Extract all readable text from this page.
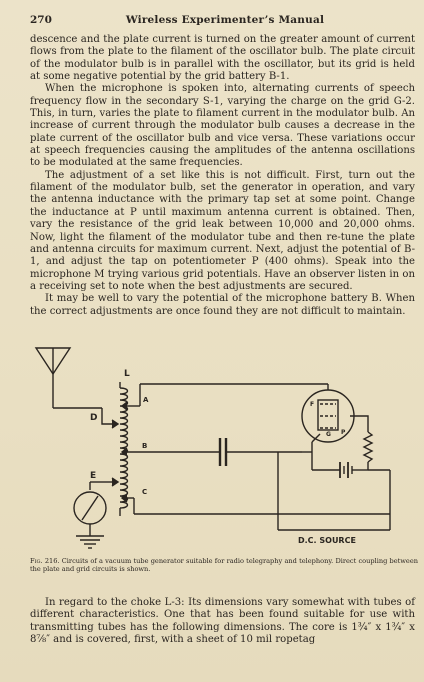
270	Wireless Experimenter’s Manual

descence and the plate current is turned on the greater amount of current flows from the plate to the filament of the oscillator bulb. The plate circuit of the modulator bulb is in parallel with the oscillator, but its grid is held at some negative potential by the grid battery B-1.

When the microphone is spoken into, alternating currents of speech frequency flow in the secondary S-1, varying the charge on the grid G-2. This, in turn, varies the plate to filament current in the modulator bulb. An increase of current through the modulator bulb causes a decrease in the plate current of the oscillator bulb and vice versa. These variations occur at speech frequencies causing the amplitudes of the antenna oscillations to be modulated at the same frequencies.

The adjustment of a set like this is not difficult. First, turn out the filament of the modulator bulb, set the generator in operation, and vary the antenna inductance with the primary tap set at some point. Change the inductance at P until maximum antenna current is obtained. Then, vary the resistance of the grid leak between 10,000 and 20,000 ohms. Now, light the filament of the modulator tube and then re-tune the plate and antenna circuits for maximum current. Next, adjust the potential of B-1, and adjust the tap on potentiometer P (400 ohms). Speak into the microphone M trying various grid potentials. Have an observer listen in on a receiving set to note when the best adjustments are secured.

It may be well to vary the potential of the microphone battery B. When the correct adjustments are once found they are not difficult to maintain.

L
A
D
B
E
C
F
G P
D.C. SOURCE
Fig. 216. Circuits of a vacuum tube generator suitable for radio telegraphy and telephony. Direct coupling between the plate and grid circuits is shown.

In regard to the choke L-3: Its dimensions vary somewhat with tubes of different characteristics. One that has been found suitable for use with transmitting tubes has the following dimensions. The core is 1¾″ x 1¾″ x 8⅞″ and is covered, first, with a sheet of 10 mil ropetag
